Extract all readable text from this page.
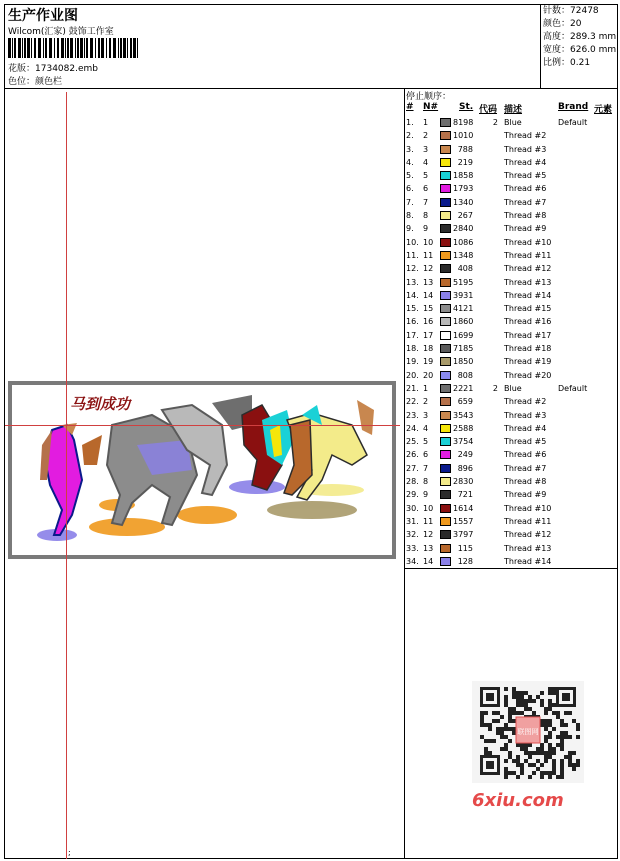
生产作业图
Wilcom(汇家) 鼓饰工作室
花版：1734082.emb
色位：颜色栏
针数：72478
颜色：20
高度：289.3 mm
宽度：626.0 mm
比例：0.21
停止顺序：
# N# St. 代码 描述	Brand 元素
1. 1	8198	2 Blue	Default
2. 2	1010	Thread #2
3. 3	788	Thread #3
4. 4	219	Thread #4
5. 5	1858	Thread #5
6. 6	1793	Thread #6
7. 7	1340	Thread #7
8. 8	267	Thread #8
9. 9	2840	Thread #9
10. 10 1086	Thread #10
11. 11 1348	Thread #11
12. 12	408	Thread #12
13. 13 5195	Thread #13
14. 14 3931	Thread #14
15. 15 4121	Thread #15
16. 16 1860	Thread #16
17. 17 1699	Thread #17
18. 18 7185	Thread #18
19. 19 1850	Thread #19
20. 20	808	Thread #20
21. 1	2221	2 Blue	Default
22. 2	659	Thread #2
23. 3	3543	Thread #3
24. 4	2588	Thread #4
25. 5	3754	Thread #5
26. 6	249	Thread #6
27. 7	896	Thread #7
28. 8	2830	Thread #8
29. 9	721	Thread #9
30. 10 1614	Thread #10
31. 11 1557	Thread #11
32. 12 3797	Thread #12
33. 13	115	Thread #13
34. 14	128	Thread #14
马到成功
联图网
6xiu.com
;
